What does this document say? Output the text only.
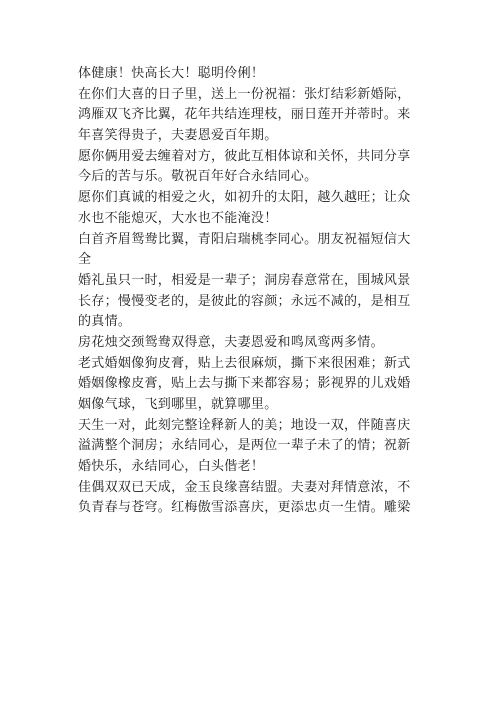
体健康！快高长大！聪明伶俐！
在你们大喜的日子里，送上一份祝福：张灯结彩新婚际，
鸿雁双飞齐比翼，花年共结连理枝，丽日莲开并蒂时。来
年喜笑得贵子，夫妻恩爱百年期。
愿你俩用爱去缠着对方，彼此互相体谅和关怀，共同分享
今后的苦与乐。敬祝百年好合永结同心。
愿你们真诚的相爱之火，如初升的太阳，越久越旺；让众
水也不能熄灭，大水也不能淹没！
白首齐眉鸳鸯比翼，青阳启瑞桃李同心。朋友祝福短信大
全
婚礼虽只一时，相爱是一辈子；洞房春意常在，围城风景
长存；慢慢变老的，是彼此的容颜；永远不减的，是相互
的真情。
房花烛交颈鸳鸯双得意，夫妻恩爱和鸣凤鸾两多情。
老式婚姻像狗皮膏，贴上去很麻烦，撕下来很困难；新式
婚姻像橡皮膏，贴上去与撕下来都容易；影视界的儿戏婚
姻像气球，飞到哪里，就算哪里。
天生一对，此刻完整诠释新人的美；地设一双，伴随喜庆
溢满整个洞房；永结同心，是两位一辈子未了的情；祝新
婚快乐，永结同心，白头偕老！
佳偶双双已天成，金玉良缘喜结盟。夫妻对拜情意浓，不
负青春与苍穹。红梅傲雪添喜庆，更添忠贞一生情。雕梁
